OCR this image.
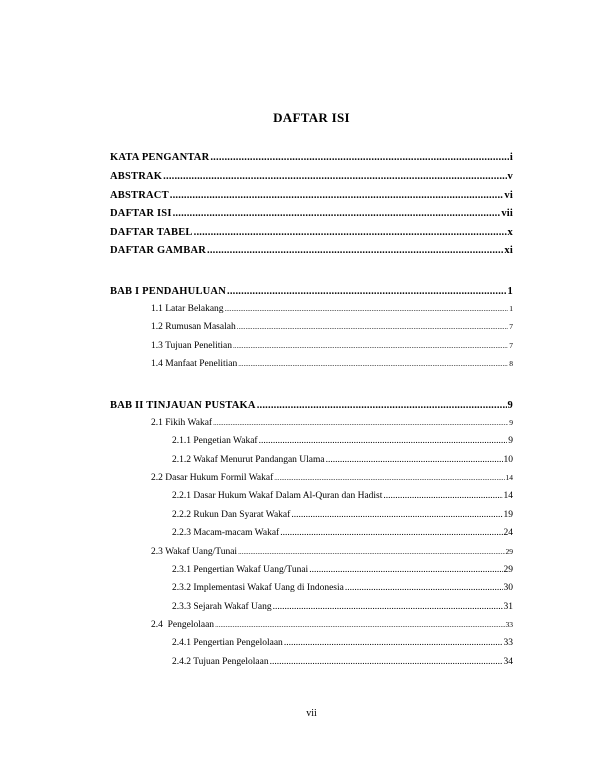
DAFTAR ISI
KATA PENGANTAR .....	i
ABSTRAK .....	v
ABSTRACT .....	vi
DAFTAR ISI .....	vii
DAFTAR TABEL .....	x
DAFTAR GAMBAR .....	xi
BAB I PENDAHULUAN .....	1
1.1 Latar Belakang .....	1
1.2 Rumusan Masalah .....	7
1.3 Tujuan Penelitian .....	7
1.4 Manfaat Penelitian .....	8
BAB II TINJAUAN PUSTAKA .....	9
2.1 Fikih Wakaf .....	9
2.1.1 Pengetian Wakaf .....	9
2.1.2 Wakaf Menurut Pandangan Ulama .....	10
2.2 Dasar Hukum Formil Wakaf .....	14
2.2.1 Dasar Hukum Wakaf Dalam Al-Quran dan Hadist .....	14
2.2.2 Rukun Dan Syarat Wakaf .....	19
2.2.3 Macam-macam Wakaf .....	24
2.3 Wakaf Uang/Tunai .....	29
2.3.1 Pengertian Wakaf Uang/Tunai .....	29
2.3.2 Implementasi Wakaf Uang di Indonesia .....	30
2.3.3 Sejarah Wakaf Uang .....	31
2.4  Pengelolaan .....	33
2.4.1 Pengertian Pengelolaan .....	33
2.4.2 Tujuan Pengelolaan .....	34
vii
